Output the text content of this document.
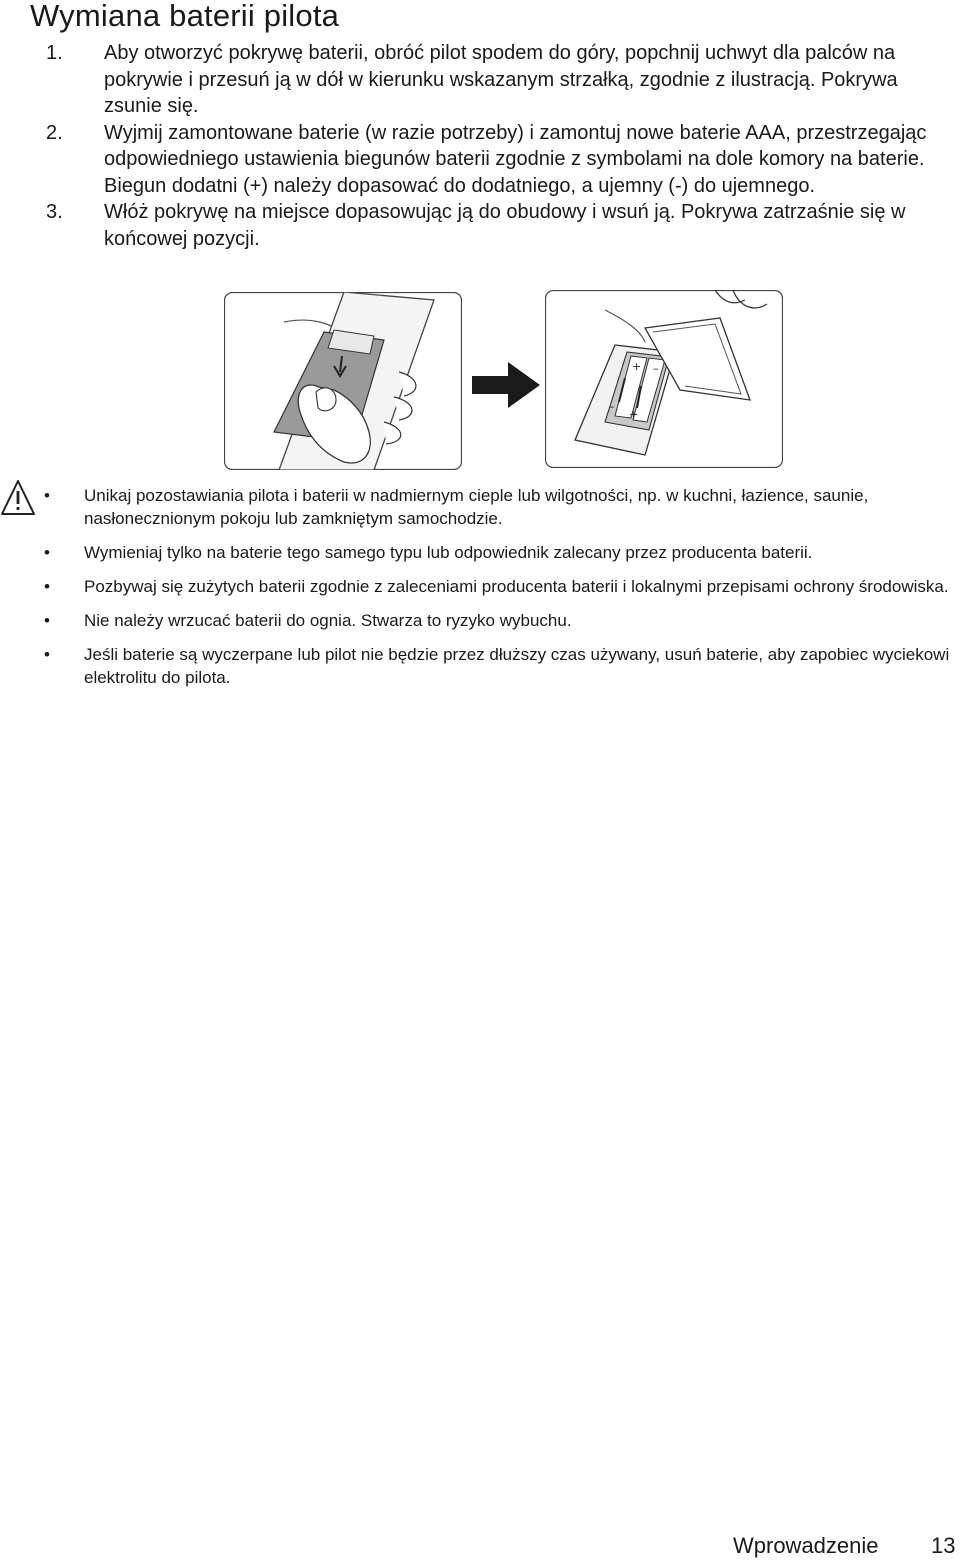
Wymiana baterii pilota
1. Aby otworzyć pokrywę baterii, obróć pilot spodem do góry, popchnij uchwyt dla palców na pokrywie i przesuń ją w dół w kierunku wskazanym strzałką, zgodnie z ilustracją. Pokrywa zsunie się.
2. Wyjmij zamontowane baterie (w razie potrzeby) i zamontuj nowe baterie AAA, przestrzegając odpowiedniego ustawienia biegunów baterii zgodnie z symbolami na dole komory na baterie. Biegun dodatni (+) należy dopasować do dodatniego, a ujemny (-) do ujemnego.
3. Włóż pokrywę na miejsce dopasowując ją do obudowy i wsuń ją. Pokrywa zatrzaśnie się w końcowej pozycji.
+ –
–
+
• Unikaj pozostawiania pilota i baterii w nadmiernym cieple lub wilgotności, np. w kuchni, łazience, saunie, nasłonecznionym pokoju lub zamkniętym samochodzie.
• Wymieniaj tylko na baterie tego samego typu lub odpowiednik zalecany przez producenta baterii.
• Pozbywaj się zużytych baterii zgodnie z zaleceniami producenta baterii i lokalnymi przepisami ochrony środowiska.
• Nie należy wrzucać baterii do ognia. Stwarza to ryzyko wybuchu.
• Jeśli baterie są wyczerpane lub pilot nie będzie przez dłuższy czas używany, usuń baterie, aby zapobiec wyciekowi elektrolitu do pilota.
Wprowadzenie 13
